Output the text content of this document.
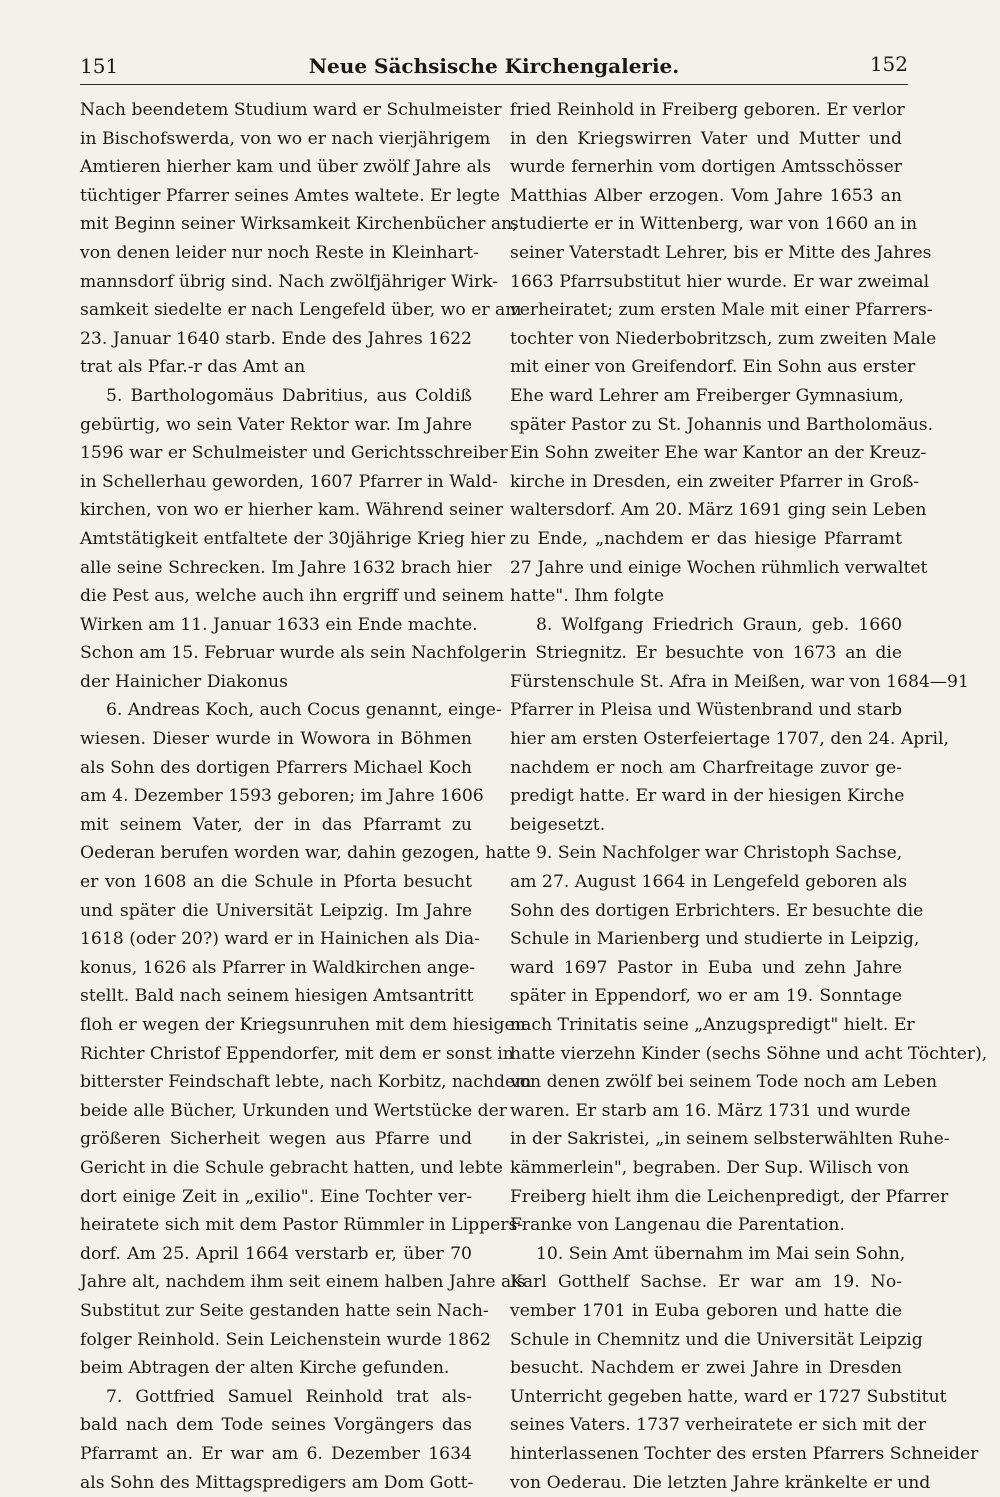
151	Neue Sächsische Kirchengalerie.	152
Nach beendetem Studium ward er Schulmeister
in Bischofswerda, von wo er nach vierjährigem
Amtieren hierher kam und über zwölf Jahre als
tüchtiger Pfarrer seines Amtes waltete. Er legte
mit Beginn seiner Wirksamkeit Kirchenbücher an,
von denen leider nur noch Reste in Kleinhart-
mannsdorf übrig sind. Nach zwölfjähriger Wirk-
samkeit siedelte er nach Lengefeld über, wo er am
23. Januar 1640 starb. Ende des Jahres 1622
trat als Pfar.-r das Amt an
5. Barthologomäus Dabritius, aus Coldiß
gebürtig, wo sein Vater Rektor war. Im Jahre
1596 war er Schulmeister und Gerichtsschreiber
in Schellerhau geworden, 1607 Pfarrer in Wald-
kirchen, von wo er hierher kam. Während seiner
Amtstätigkeit entfaltete der 30jährige Krieg hier
alle seine Schrecken. Im Jahre 1632 brach hier
die Pest aus, welche auch ihn ergriff und seinem
Wirken am 11. Januar 1633 ein Ende machte.
Schon am 15. Februar wurde als sein Nachfolger
der Hainicher Diakonus
6. Andreas Koch, auch Cocus genannt, einge-
wiesen. Dieser wurde in Wowora in Böhmen
als Sohn des dortigen Pfarrers Michael Koch
am 4. Dezember 1593 geboren; im Jahre 1606
mit seinem Vater, der in das Pfarramt zu
Oederan berufen worden war, dahin gezogen, hatte
er von 1608 an die Schule in Pforta besucht
und später die Universität Leipzig. Im Jahre
1618 (oder 20?) ward er in Hainichen als Dia-
konus, 1626 als Pfarrer in Waldkirchen ange-
stellt. Bald nach seinem hiesigen Amtsantritt
floh er wegen der Kriegsunruhen mit dem hiesigen
Richter Christof Eppendorfer, mit dem er sonst in
bitterster Feindschaft lebte, nach Korbitz, nachdem
beide alle Bücher, Urkunden und Wertstücke der
größeren Sicherheit wegen aus Pfarre und
Gericht in die Schule gebracht hatten, und lebte
dort einige Zeit in „exilio". Eine Tochter ver-
heiratete sich mit dem Pastor Rümmler in Lippers-
dorf. Am 25. April 1664 verstarb er, über 70
Jahre alt, nachdem ihm seit einem halben Jahre als
Substitut zur Seite gestanden hatte sein Nach-
folger Reinhold. Sein Leichenstein wurde 1862
beim Abtragen der alten Kirche gefunden.
7. Gottfried Samuel Reinhold trat als-
bald nach dem Tode seines Vorgängers das
Pfarramt an. Er war am 6. Dezember 1634
als Sohn des Mittagspredigers am Dom Gott-
fried Reinhold in Freiberg geboren. Er verlor
in den Kriegswirren Vater und Mutter und
wurde fernerhin vom dortigen Amtsschösser
Matthias Alber erzogen. Vom Jahre 1653 an
studierte er in Wittenberg, war von 1660 an in
seiner Vaterstadt Lehrer, bis er Mitte des Jahres
1663 Pfarrsubstitut hier wurde. Er war zweimal
verheiratet; zum ersten Male mit einer Pfarrers-
tochter von Niederbobritzsch, zum zweiten Male
mit einer von Greifendorf. Ein Sohn aus erster
Ehe ward Lehrer am Freiberger Gymnasium,
später Pastor zu St. Johannis und Bartholomäus.
Ein Sohn zweiter Ehe war Kantor an der Kreuz-
kirche in Dresden, ein zweiter Pfarrer in Groß-
waltersdorf. Am 20. März 1691 ging sein Leben
zu Ende, „nachdem er das hiesige Pfarramt
27 Jahre und einige Wochen rühmlich verwaltet
hatte". Ihm folgte
8. Wolfgang Friedrich Graun, geb. 1660
in Striegnitz. Er besuchte von 1673 an die
Fürstenschule St. Afra in Meißen, war von 1684—91
Pfarrer in Pleisa und Wüstenbrand und starb
hier am ersten Osterfeiertage 1707, den 24. April,
nachdem er noch am Charfreitage zuvor ge-
predigt hatte. Er ward in der hiesigen Kirche
beigesetzt.
9. Sein Nachfolger war Christoph Sachse,
am 27. August 1664 in Lengefeld geboren als
Sohn des dortigen Erbrichters. Er besuchte die
Schule in Marienberg und studierte in Leipzig,
ward 1697 Pastor in Euba und zehn Jahre
später in Eppendorf, wo er am 19. Sonntage
nach Trinitatis seine „Anzugspredigt" hielt. Er
hatte vierzehn Kinder (sechs Söhne und acht Töchter),
von denen zwölf bei seinem Tode noch am Leben
waren. Er starb am 16. März 1731 und wurde
in der Sakristei, „in seinem selbsterwählten Ruhe-
kämmerlein", begraben. Der Sup. Wilisch von
Freiberg hielt ihm die Leichenpredigt, der Pfarrer
Franke von Langenau die Parentation.
10. Sein Amt übernahm im Mai sein Sohn,
Karl Gotthelf Sachse. Er war am 19. No-
vember 1701 in Euba geboren und hatte die
Schule in Chemnitz und die Universität Leipzig
besucht. Nachdem er zwei Jahre in Dresden
Unterricht gegeben hatte, ward er 1727 Substitut
seines Vaters. 1737 verheiratete er sich mit der
hinterlassenen Tochter des ersten Pfarrers Schneider
von Oederau. Die letzten Jahre kränkelte er und
